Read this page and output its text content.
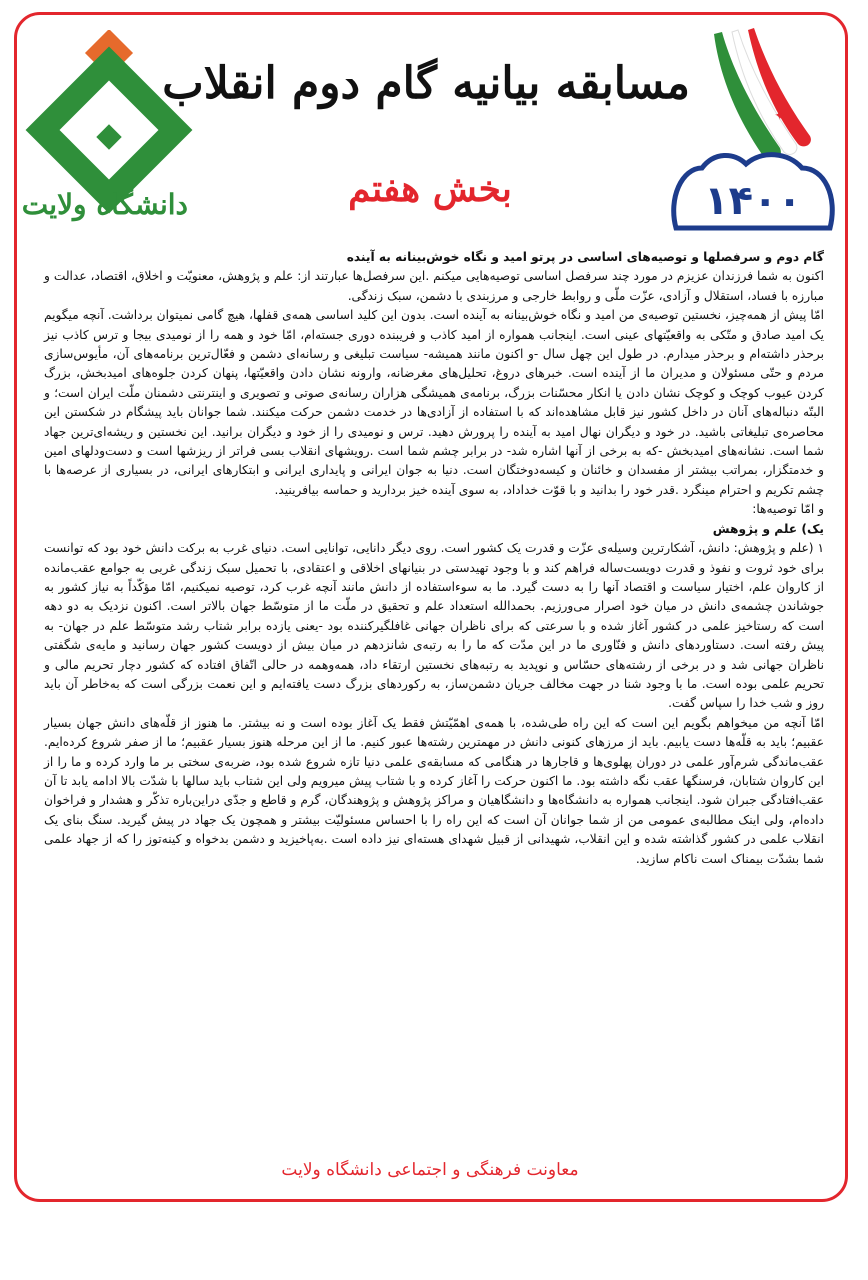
دانشگاه ولایت
✦
۱۴۰۰
مسابقه بیانیه گام دوم انقلاب
بخش هفتم

گام دوم و سرفصلها و توصیه‌های اساسی در پرتو امید و نگاه خوش‌بینانه به آینده

اکنون به شما فرزندان عزیزم در مورد چند سرفصل اساسی توصیه‌هایی میکنم .این سرفصل‌ها عبارتند از: علم و پژوهش، معنویّت و اخلاق، اقتصاد، عدالت و مبارزه با فساد، استقلال و آزادی، عزّت ملّی و روابط خارجی و مرزبندی با دشمن، سبک زندگی.

امّا پیش از همه‌چیز، نخستین توصیه‌ی من امید و نگاه خوش‌بینانه به آینده است. بدون این کلید اساسی همه‌ی قفلها، هیچ گامی نمیتوان برداشت. آنچه میگویم یک امید صادق و متّکی به واقعیّتهای عینی است. اینجانب همواره از امید کاذب و فریبنده دوری جسته‌ام، امّا خود و همه را از نومیدی بیجا و ترس کاذب نیز برحذر داشته‌ام و برحذر میدارم. در طول این چهل سال -و اکنون مانند همیشه- سیاست تبلیغی و رسانه‌ای دشمن و فعّال‌ترین برنامه‌های آن، مأیوس‌سازی مردم و حتّی مسئولان و مدیران ما از آینده است. خبرهای دروغ، تحلیل‌های مغرضانه، وارونه نشان دادن واقعیّتها، پنهان کردن جلوه‌های امیدبخش، بزرگ کردن عیوب کوچک و کوچک نشان دادن یا انکار محسّنات بزرگ، برنامه‌ی همیشگی هزاران رسانه‌ی صوتی و تصویری و اینترنتی دشمنان ملّت ایران است؛ و البتّه دنباله‌های آنان در داخل کشور نیز قابل مشاهده‌اند که با استفاده از آزادی‌ها در خدمت دشمن حرکت میکنند. شما جوانان باید پیشگام در شکستن این محاصره‌ی تبلیغاتی باشید. در خود و دیگران نهال امید به آینده را پرورش دهید. ترس و نومیدی را از خود و دیگران برانید. این نخستین و ریشه‌ای‌ترین جهاد شما است. نشانه‌های امیدبخش -که به برخی از آنها اشاره شد- در برابر چشم شما است .رویشهای انقلاب بسی فراتر از ریزشها است و دست‌ودلهای امین و خدمتگزار، بمراتب بیشتر از مفسدان و خائنان و کیسه‌دوختگان است. دنیا به جوان ایرانی و پایداری ایرانی و ابتکارهای ایرانی، در بسیاری از عرصه‌ها با چشم تکریم و احترام مینگرد .قدر خود را بدانید و با قوّت خداداد، به سوی آینده خیز بردارید و حماسه بیافرینید.

و امّا توصیه‌ها:

یک) علم و پژوهش

۱ (علم و پژوهش: دانش، آشکارترین وسیله‌ی عزّت و قدرت یک کشور است. روی دیگر دانایی، توانایی است. دنیای غرب به برکت دانش خود بود که توانست برای خود ثروت و نفوذ و قدرت دویست‌ساله فراهم کند و با وجود تهیدستی در بنیانهای اخلاقی و اعتقادی، با تحمیل سبک زندگی غربی به جوامع عقب‌مانده از کاروان علم، اختیار سیاست و اقتصاد آنها را به دست گیرد. ما به سوءاستفاده از دانش مانند آنچه غرب کرد، توصیه نمیکنیم، امّا مؤکّداً به نیاز کشور به جوشاندن چشمه‌ی دانش در میان خود اصرار می‌ورزیم. بحمدالله استعداد علم و تحقیق در ملّت ما از متوسّط جهان بالاتر است. اکنون نزدیک به دو دهه است که رستاخیز علمی در کشور آغاز شده و با سرعتی که برای ناظران جهانی غافلگیرکننده بود -یعنی یازده برابر شتاب رشد متوسّط علم در جهان- به پیش رفته است. دستاوردهای دانش و فنّاوری ما در این مدّت که ما را به رتبه‌ی شانزدهم در میان بیش از دویست کشور جهان رسانید و مایه‌ی شگفتی ناظران جهانی شد و در برخی از رشته‌های حسّاس و نوپدید به رتبه‌های نخستین ارتقاء داد، همه‌وهمه در حالی اتّفاق افتاده که کشور دچار تحریم مالی و تحریم علمی بوده است. ما با وجود شنا در جهت مخالف جریان دشمن‌ساز، به رکوردهای بزرگ دست یافته‌ایم و این نعمت بزرگی است که به‌خاطر آن باید روز و شب خدا را سپاس گفت.

امّا آنچه من میخواهم بگویم این است که این راه طی‌شده، با همه‌ی اهمّیّتش فقط یک آغاز بوده است و نه بیشتر. ما هنوز از قلّه‌های دانش جهان بسیار عقبیم؛ باید به قلّه‌ها دست یابیم. باید از مرزهای کنونی دانش در مهمترین رشته‌ها عبور کنیم. ما از این مرحله هنوز بسیار عقبیم؛ ما از صفر شروع کرده‌ایم. عقب‌ماندگی شرم‌آور علمی در دوران پهلوی‌ها و قاجارها در هنگامی که مسابقه‌ی علمی دنیا تازه شروع شده بود، ضربه‌ی سختی بر ما وارد کرده و ما را از این کاروان شتابان، فرسنگها عقب نگه داشته بود. ما اکنون حرکت را آغاز کرده و با شتاب پیش میرویم ولی این شتاب باید سالها با شدّت بالا ادامه یابد تا آن عقب‌افتادگی جبران شود. اینجانب همواره به دانشگاه‌ها و دانشگاهیان و مراکز پژوهش و پژوهندگان، گرم و قاطع و جدّی دراین‌باره تذکّر و هشدار و فراخوان داده‌ام، ولی اینک مطالبه‌ی عمومی من از شما جوانان آن است که این راه را با احساس مسئولیّت بیشتر و همچون یک جهاد در پیش گیرید. سنگ بنای یک انقلاب علمی در کشور گذاشته شده و این انقلاب، شهیدانی از قبیل شهدای هسته‌ای نیز داده است .به‌پاخیزید و دشمن بدخواه و کینه‌توز را که از جهاد علمی شما بشدّت بیمناک است ناکام سازید.

معاونت فرهنگی و اجتماعی دانشگاه ولایت
